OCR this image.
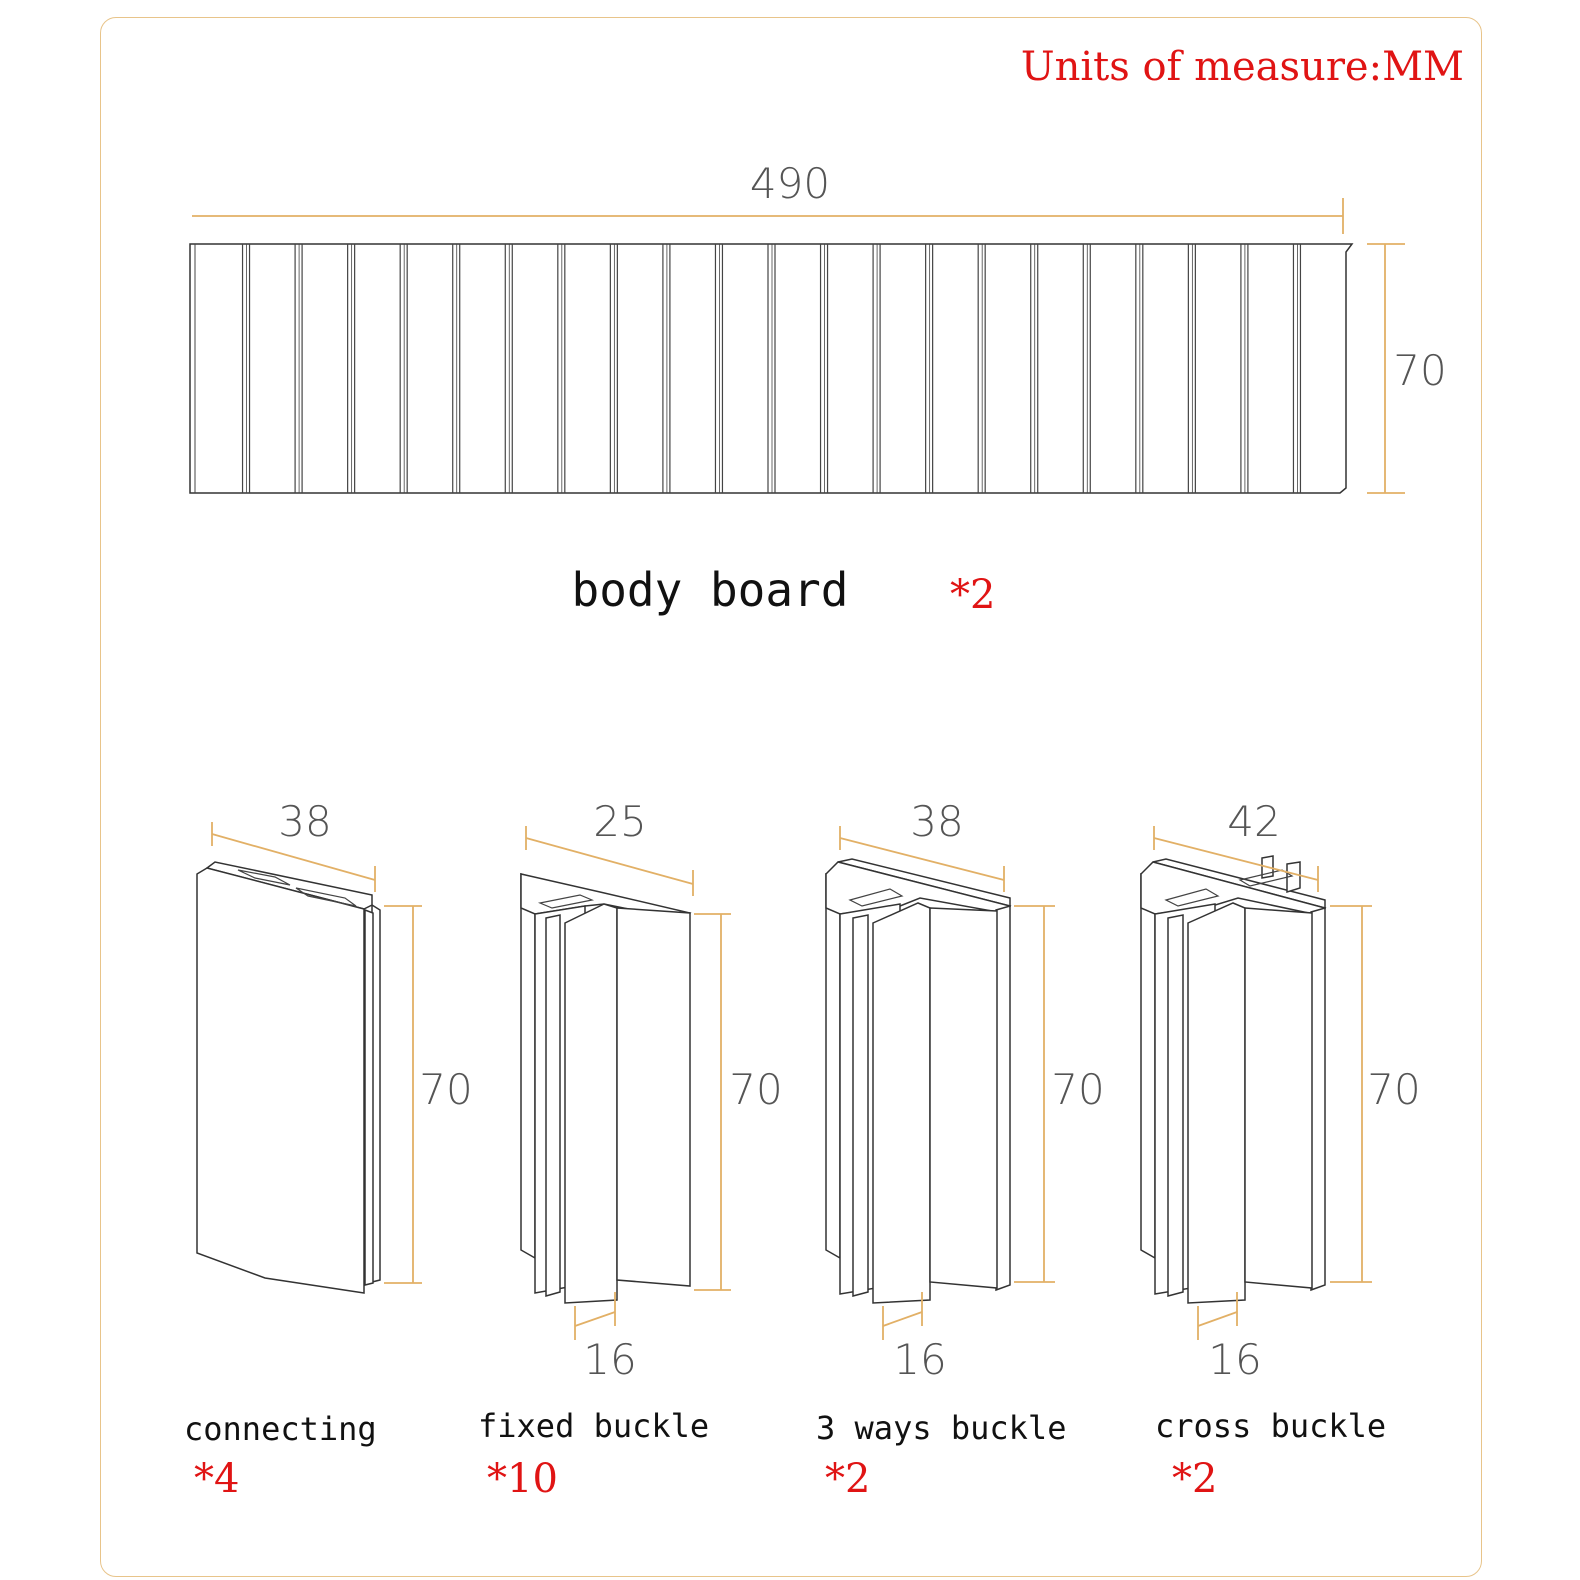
Units of measure:MM
490
70
body board	*2
38
70
connecting
*4
25
70
16
fixed buckle
*10
38
70
16
3 ways buckle
*2
42
70
16
cross buckle
*2
